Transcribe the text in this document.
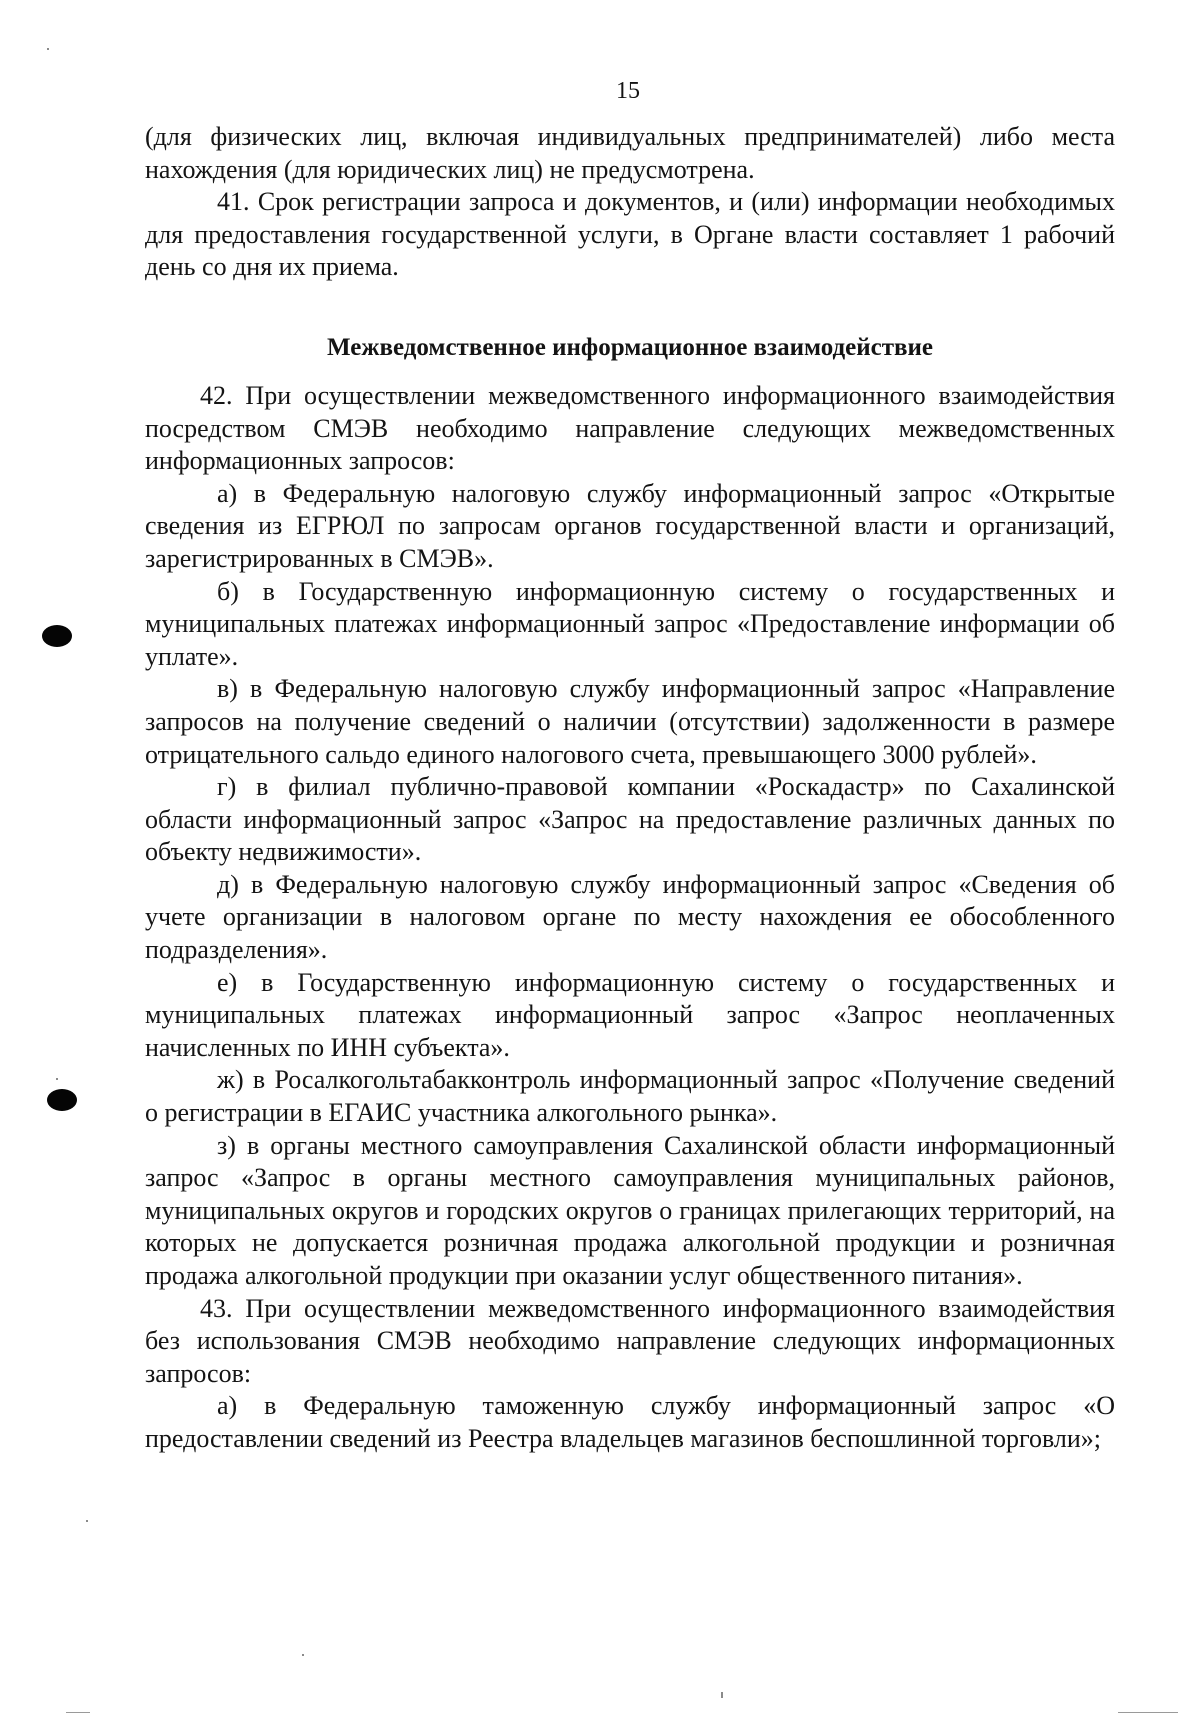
15

(для физических лиц, включая индивидуальных предпринимателей) либо места нахождения (для юридических лиц) не предусмотрена.

41. Срок регистрации запроса и документов, и (или) информации необходимых для предоставления государственной услуги, в Органе власти составляет 1 рабочий день со дня их приема.

Межведомственное информационное взаимодействие

42. При осуществлении межведомственного информационного взаимодействия посредством СМЭВ необходимо направление следующих межведомственных информационных запросов:

а) в Федеральную налоговую службу информационный запрос «Открытые сведения из ЕГРЮЛ по запросам органов государственной власти и организаций, зарегистрированных в СМЭВ».

б) в Государственную информационную систему о государственных и муниципальных платежах информационный запрос «Предоставление информации об уплате».

в) в Федеральную налоговую службу информационный запрос «Направление запросов на получение сведений о наличии (отсутствии) задолженности в размере отрицательного сальдо единого налогового счета, превышающего 3000 рублей».

г) в филиал публично-правовой компании «Роскадастр» по Сахалинской области информационный запрос «Запрос на предоставление различных данных по объекту недвижимости».

д) в Федеральную налоговую службу информационный запрос «Сведения об учете организации в налоговом органе по месту нахождения ее обособленного подразделения».

е) в Государственную информационную систему о государственных и муниципальных платежах информационный запрос «Запрос неоплаченных начисленных по ИНН субъекта».

ж) в Росалкогольтабакконтроль информационный запрос «Получение сведений о регистрации в ЕГАИС участника алкогольного рынка».

з) в органы местного самоуправления Сахалинской области информационный запрос «Запрос в органы местного самоуправления муниципальных районов, муниципальных округов и городских округов о границах прилегающих территорий, на которых не допускается розничная продажа алкогольной продукции и розничная продажа алкогольной продукции при оказании услуг общественного питания».

43. При осуществлении межведомственного информационного взаимодействия без использования СМЭВ необходимо направление следующих информационных запросов:

а) в Федеральную таможенную службу информационный запрос «О предоставлении сведений из Реестра владельцев магазинов беспошлинной торговли»;
